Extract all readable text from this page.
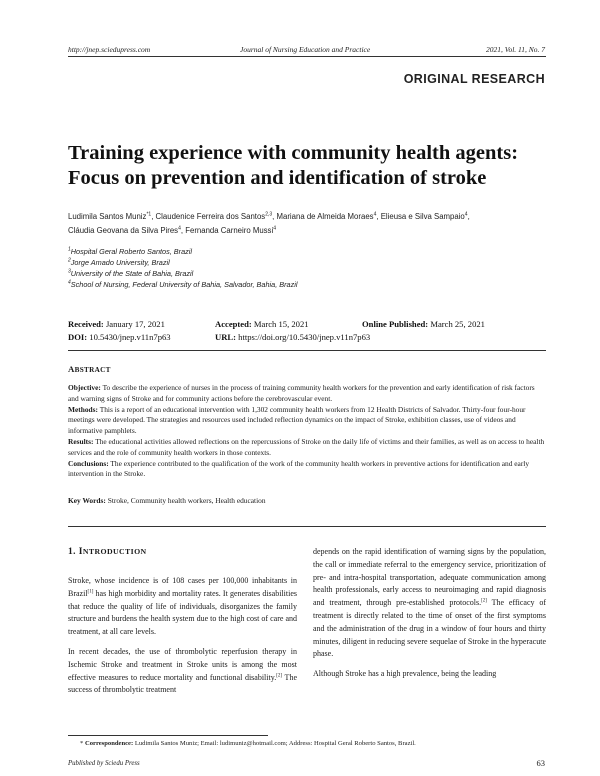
http://jnep.sciedupress.com	Journal of Nursing Education and Practice	2021, Vol. 11, No. 7
ORIGINAL RESEARCH
Training experience with community health agents:
Focus on prevention and identification of stroke
Ludimila Santos Muniz$^{*1}$, Claudenice Ferreira dos Santos$^{2,3}$, Mariana de Almeida Moraes$^4$, Elieusa e Silva Sampaio$^4$,
Cláudia Geovana da Silva Pires$^4$, Fernanda Carneiro Mussi$^4$
$^1$Hospital Geral Roberto Santos, Brazil
$^2$Jorge Amado University, Brazil
$^3$University of the State of Bahia, Brazil
$^4$School of Nursing, Federal University of Bahia, Salvador, Bahia, Brazil
Received: January 17, 2021	Accepted: March 15, 2021	Online Published: March 25, 2021
DOI: 10.5430/jnep.v11n7p63	URL: https://doi.org/10.5430/jnep.v11n7p63
ABSTRACT

Objective: To describe the experience of nurses in the process of training community health workers for the prevention and early identification of risk factors and warning signs of Stroke and for community actions before the cerebrovascular event.

Methods: This is a report of an educational intervention with 1,302 community health workers from 12 Health Districts of Salvador. Thirty-four four-hour meetings were developed. The strategies and resources used included reflection dynamics on the impact of Stroke, exhibition classes, use of videos and informative pamphlets.

Results: The educational activities allowed reflections on the repercussions of Stroke on the daily life of victims and their families, as well as on access to health services and the role of community health workers in those contexts.

Conclusions: The experience contributed to the qualification of the work of the community health workers in preventive actions for identification and early intervention in the Stroke.

Key Words: Stroke, Community health workers, Health education
1. INTRODUCTION

Stroke, whose incidence is of 108 cases per 100,000 inhabitants in Brazil[1] has high morbidity and mortality rates. It generates disabilities that reduce the quality of life of individuals, disorganizes the family structure and burdens the health system due to the high cost of care and treatment, at all care levels.

In recent decades, the use of thrombolytic reperfusion therapy in Ischemic Stroke and treatment in Stroke units is among the most effective measures to reduce mortality and functional disability.[2] The success of thrombolytic treatment

depends on the rapid identification of warning signs by the population, the call or immediate referral to the emergency service, prioritization of pre- and intra-hospital transportation, adequate communication among health professionals, early access to neuroimaging and rapid diagnosis and treatment, through pre-established protocols.[2] The efficacy of treatment is directly related to the time of onset of the first symptoms and the administration of the drug in a window of four hours and thirty minutes, diligent in reducing severe sequelae of Stroke in the hyperacute phase.

Although Stroke has a high prevalence, being the leading

* Correspondence: Ludimila Santos Muniz; Email: ludimuniz@hotmail.com; Address: Hospital Geral Roberto Santos, Brazil.
Published by Sciedu Press	63
